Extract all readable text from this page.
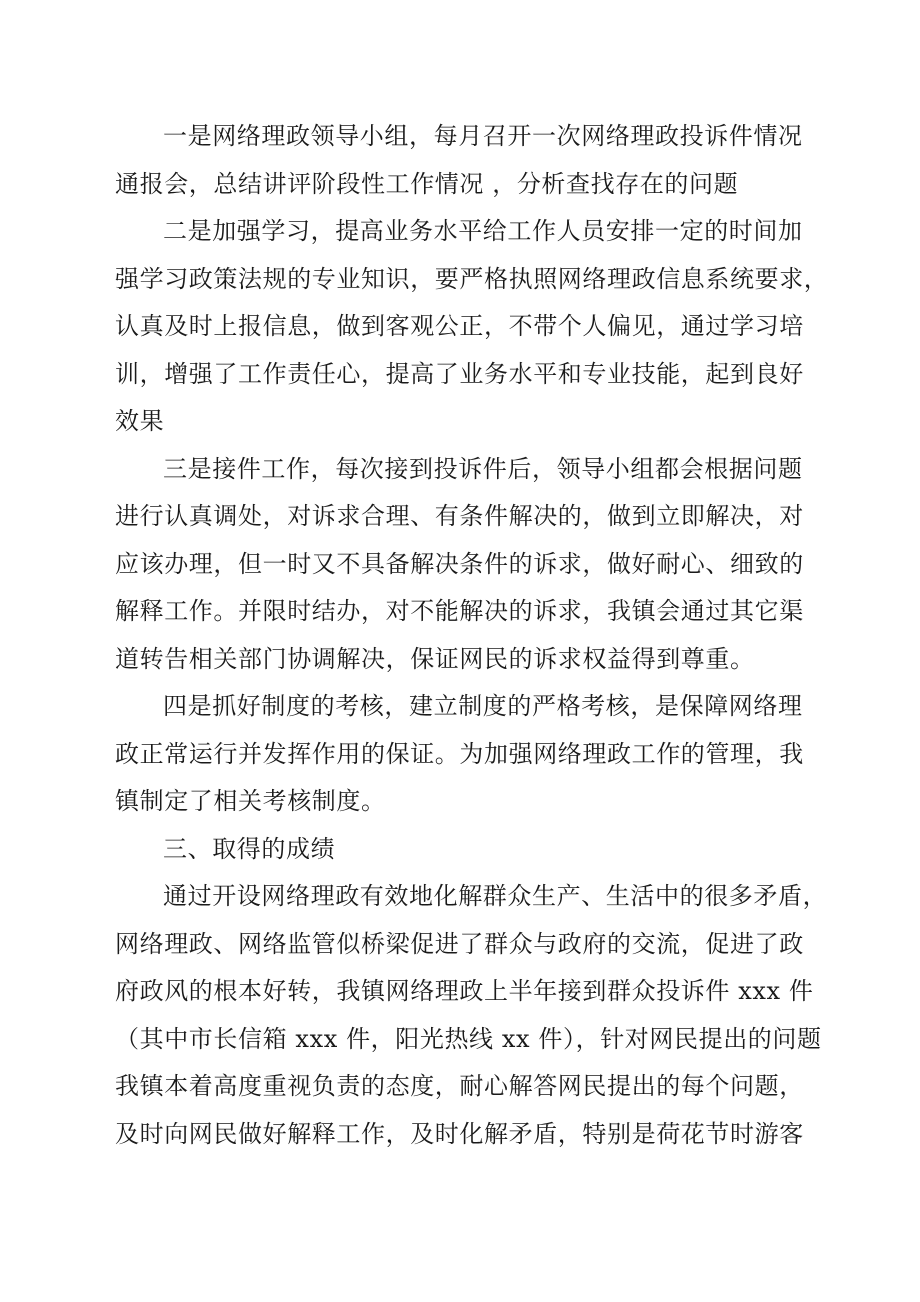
一是网络理政领导小组，每月召开一次网络理政投诉件情况
通报会，总结讲评阶段性工作情况 ，分析查找存在的问题
二是加强学习，提高业务水平给工作人员安排一定的时间加
强学习政策法规的专业知识，要严格执照网络理政信息系统要求，
认真及时上报信息，做到客观公正，不带个人偏见，通过学习培
训，增强了工作责任心，提高了业务水平和专业技能，起到良好
效果
三是接件工作，每次接到投诉件后，领导小组都会根据问题
进行认真调处，对诉求合理、有条件解决的，做到立即解决，对
应该办理，但一时又不具备解决条件的诉求，做好耐心、细致的
解释工作。并限时结办，对不能解决的诉求，我镇会通过其它渠
道转告相关部门协调解决，保证网民的诉求权益得到尊重。
四是抓好制度的考核，建立制度的严格考核，是保障网络理
政正常运行并发挥作用的保证。为加强网络理政工作的管理，我
镇制定了相关考核制度。
三、取得的成绩
通过开设网络理政有效地化解群众生产、生活中的很多矛盾，
网络理政、网络监管似桥梁促进了群众与政府的交流，促进了政
府政风的根本好转，我镇网络理政上半年接到群众投诉件 xxx 件
（其中市长信箱 xxx 件，阳光热线 xx 件），针对网民提出的问题
我镇本着高度重视负责的态度，耐心解答网民提出的每个问题，
及时向网民做好解释工作，及时化解矛盾，特别是荷花节时游客
